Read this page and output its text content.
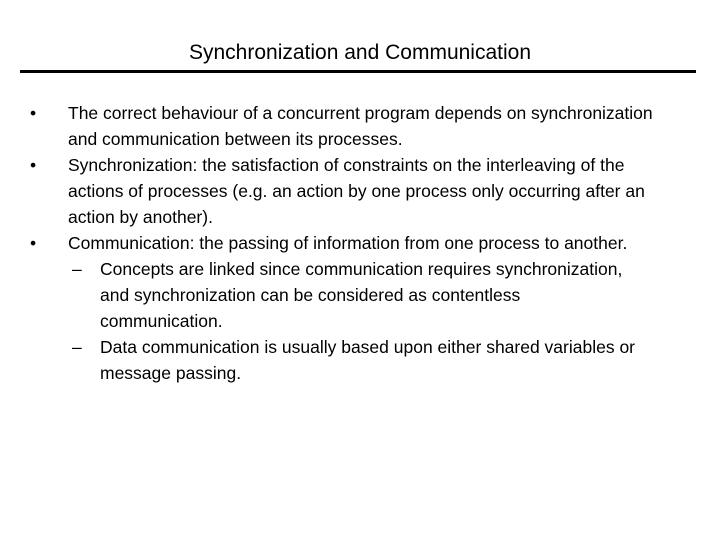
Synchronization and Communication
• The correct behaviour of a concurrent program depends on synchronization and communication between its processes.
• Synchronization: the satisfaction of constraints on the interleaving of the actions of processes (e.g. an action by one process only occurring after an action by another).
• Communication: the passing of information from one process to another.
– Concepts are linked since communication requires synchronization, and synchronization can be considered as contentless communication.
– Data communication is usually based upon either shared variables or message passing.
